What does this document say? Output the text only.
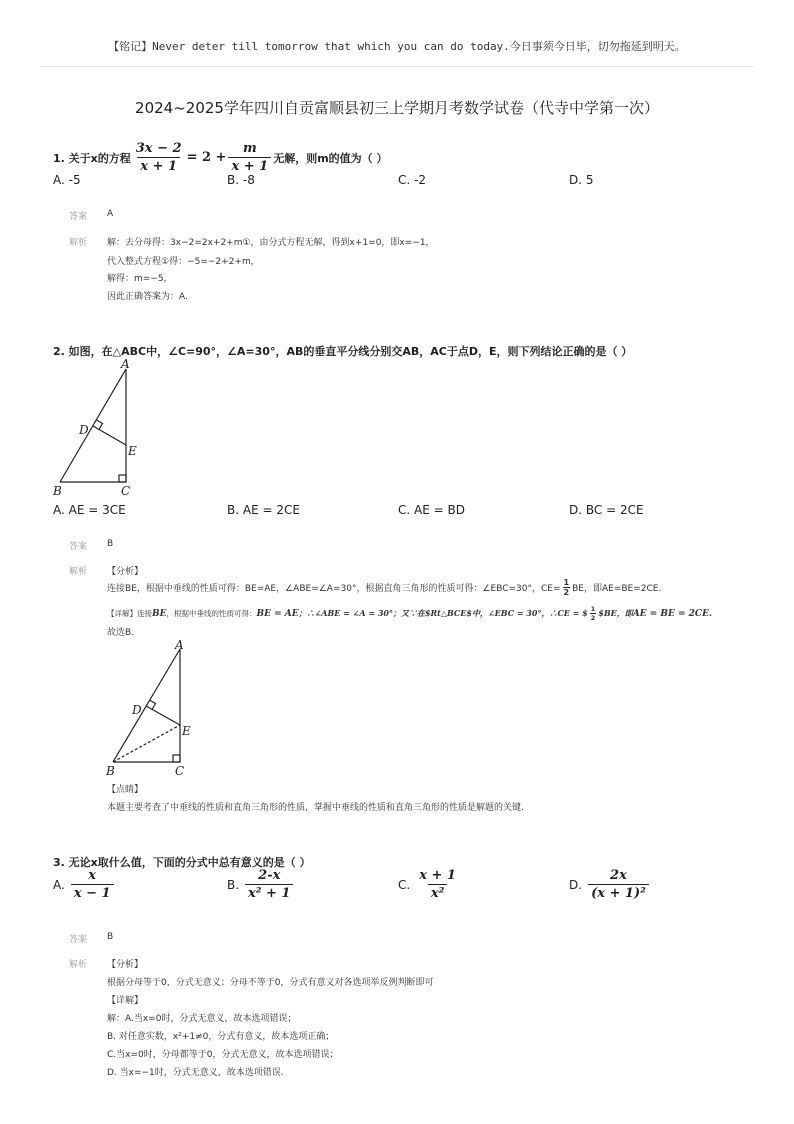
【铭记】Never deter till tomorrow that which you can do today.今日事须今日毕，切勿拖延到明天。
2024~2025学年四川自贡富顺县初三上学期月考数学试卷（代寺中学第一次）
1. 关于x的方程 $\frac{3x - 2}{x + 1} = 2 + \frac{m}{x + 1}$ 无解，则m的值为（ ）
A. -5	B. -8	C. -2	D. 5
答案 A
解析 解：去分母得：3x−2=2x+2+m①，由分式方程无解，得到x+1=0，即x=−1，
代入整式方程①得：−5=−2+2+m，
解得：m=−5，
因此正确答案为：A.
2. 如图，在△ABC中，∠C=90°，∠A=30°，AB的垂直平分线分别交AB，AC于点D，E，则下列结论正确的是（ ）
A
B	C
D
E
A. AE = 3CE	B. AE = 2CE	C. AE = BD	D. BC = 2CE
答案 B
解析 【分析】
连接BE，根据中垂线的性质可得：BE=AE，∠ABE=∠A=30°，根据直角三角形的性质可得：∠EBC=30°，$CE= \frac{1}{2}$ BE，即AE=BE=2CE.
【详解】连接 BE ，根据中垂线的性质可得： BE = AE ；∴∠ABE = ∠A = 30°；又∵在$Rt△BCE$中，∠EBC = 30°，∴CE = $ $\frac{1}{2}$ $BE，即 AE = BE = 2CE.
故选B.
A
B	C
D
E
【点睛】
本题主要考查了中垂线的性质和直角三角形的性质，掌握中垂线的性质和直角三角形的性质是解题的关键.
3. 无论x取什么值，下面的分式中总有意义的是（ ）
A. $\frac{x}{x - 1}$	B. $\frac{2-x}{\text{x² + 1}}$	C. $\frac{x + 1}{\text{x²}}$	D. $\frac{2x}{\text{(x + 1)²}}$
答案 B
解析 【分析】
根据分母等于0，分式无意义；分母不等于0，分式有意义对各选项举反例判断即可
【详解】
解：A.当x=0时，分式无意义，故本选项错误；
B. 对任意实数，x²+1≠0，分式有意义，故本选项正确；
C.当x=0时，分母都等于0，分式无意义，故本选项错误；
D. 当x=−1时，分式无意义，故本选项错误.
